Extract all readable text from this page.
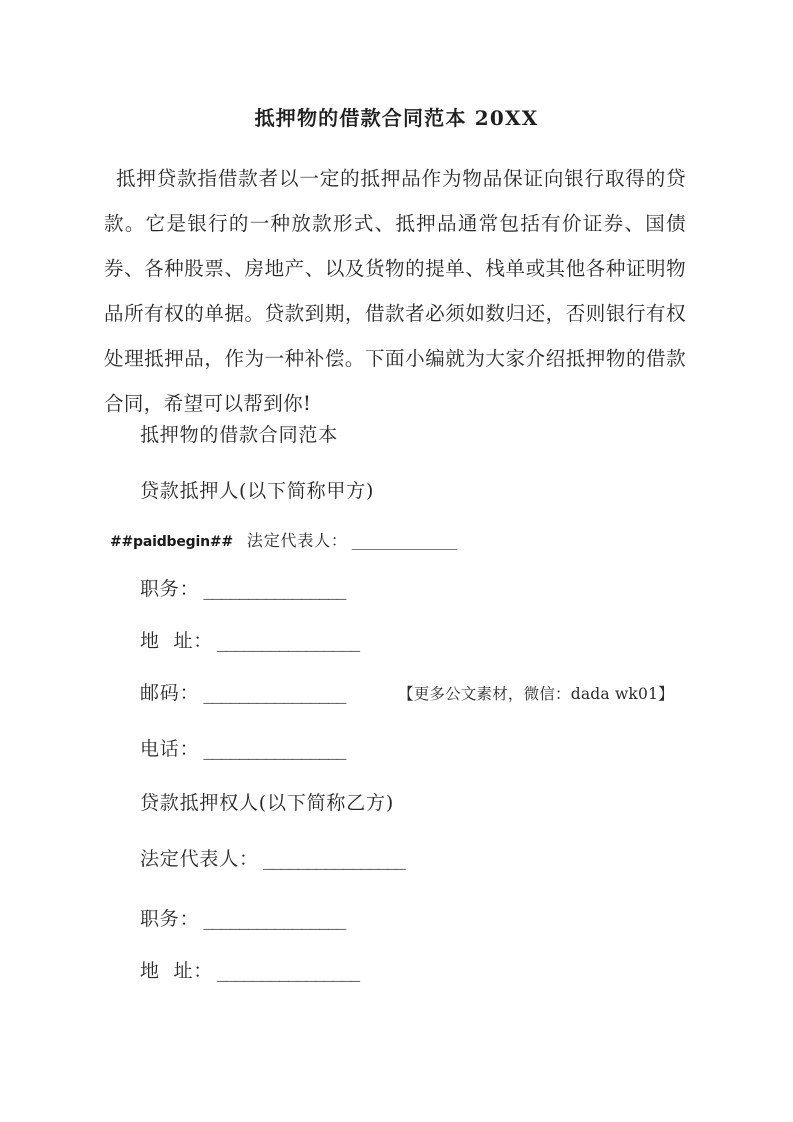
抵押物的借款合同范本 20XX
抵押贷款指借款者以一定的抵押品作为物品保证向银行取得的贷款。它是银行的一种放款形式、抵押品通常包括有价证券、国债券、各种股票、房地产、以及货物的提单、栈单或其他各种证明物品所有权的单据。贷款到期，借款者必须如数归还，否则银行有权处理抵押品，作为一种补偿。下面小编就为大家介绍抵押物的借款合同，希望可以帮到你!
抵押物的借款合同范本
贷款抵押人(以下简称甲方)
##paidbegin## 法定代表人： ______________
职务： ________________
地  址： ________________
邮码： ________________	【更多公文素材，微信：dada wk01】
电话： ________________
贷款抵押权人(以下简称乙方)
法定代表人： ________________
职务： ________________
地  址： ________________
